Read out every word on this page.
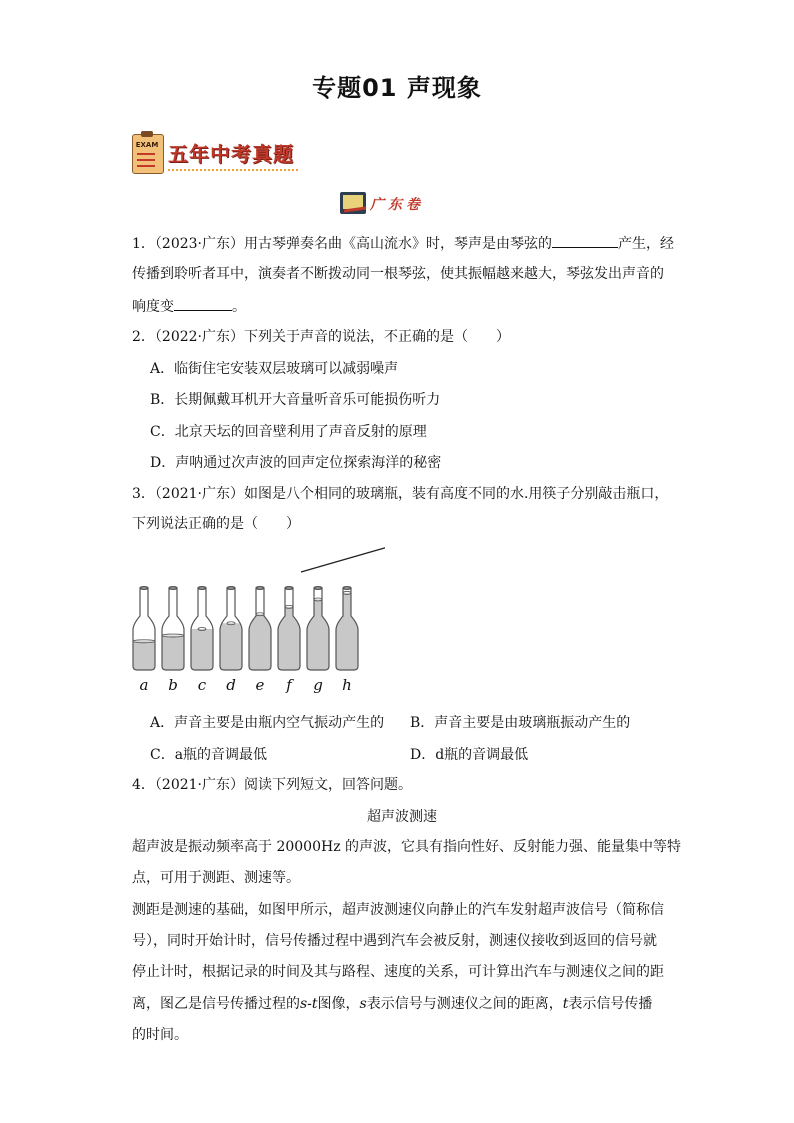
专题01 声现象
EXAM 五年中考真题
广东卷
1．（2023·广东）用古琴弹奏名曲《高山流水》时，琴声是由琴弦的	产生，经
传播到聆听者耳中，演奏者不断拨动同一根琴弦，使其振幅越来越大，琴弦发出声音的
响度变	。
2．（2022·广东）下列关于声音的说法，不正确的是（ ）
A．临街住宅安装双层玻璃可以减弱噪声
B．长期佩戴耳机开大音量听音乐可能损伤听力
C．北京天坛的回音壁利用了声音反射的原理
D．声呐通过次声波的回声定位探索海洋的秘密
3．（2021·广东）如图是八个相同的玻璃瓶，装有高度不同的水.用筷子分别敲击瓶口，
下列说法正确的是（ ）
a b c d e f g h
A．声音主要是由瓶内空气振动产生的 B．声音主要是由玻璃瓶振动产生的
C．a瓶的音调最低	D．d瓶的音调最低
4．（2021·广东）阅读下列短文，回答问题。
超声波测速
超声波是振动频率高于 20000Hz 的声波，它具有指向性好、反射能力强、能量集中等特
点，可用于测距、测速等。
测距是测速的基础，如图甲所示，超声波测速仪向静止的汽车发射超声波信号（简称信
号），同时开始计时，信号传播过程中遇到汽车会被反射，测速仪接收到返回的信号就
停止计时，根据记录的时间及其与路程、速度的关系，可计算出汽车与测速仪之间的距
离，图乙是信号传播过程的s-t图像，s表示信号与测速仪之间的距离，t表示信号传播
的时间。
